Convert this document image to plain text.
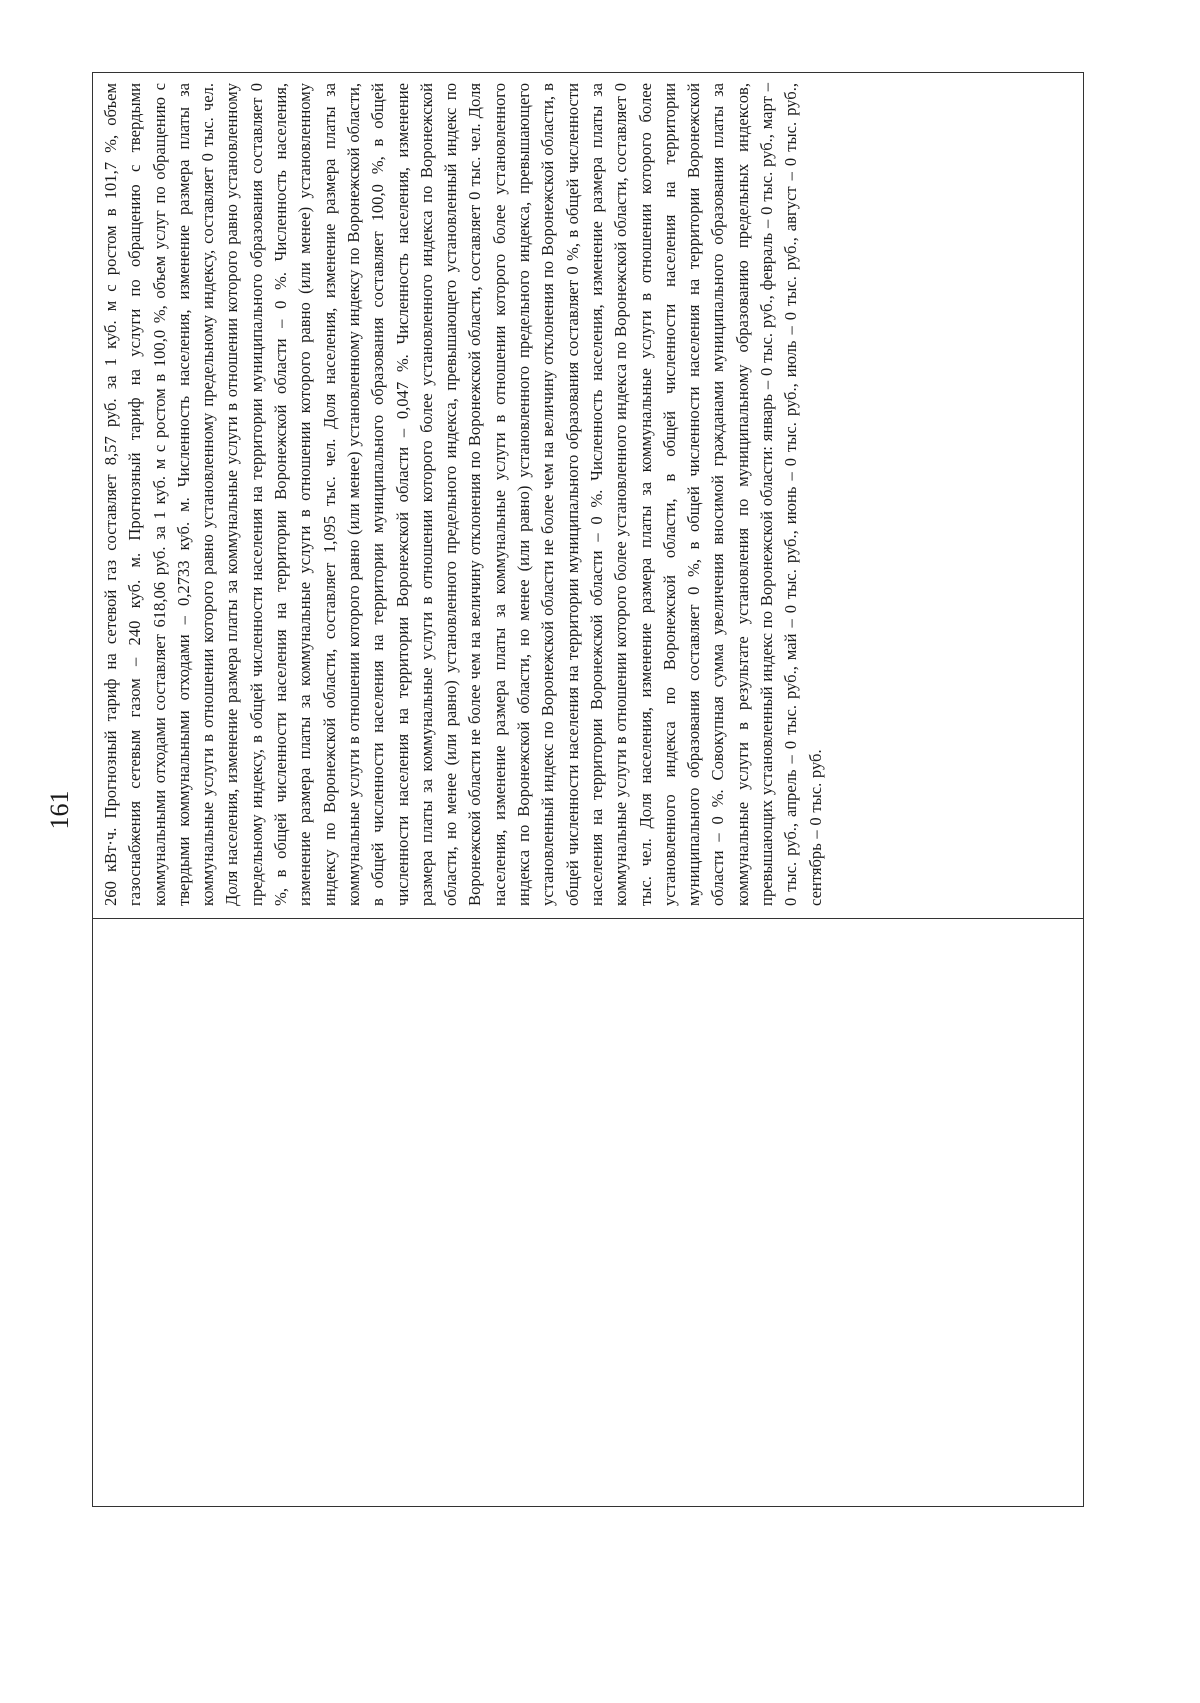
161	260 кВт·ч. Прогнозный тариф на сетевой газ составляет 8,57 руб. за 1 куб. м с ростом в 101,7 %, объем газоснабжения сетевым газом – 240 куб. м. Прогнозный тариф на услуги по обращению с твердыми коммунальными отходами составляет 618,06 руб. за 1 куб. м с ростом в 100,0 %, объем услуг по обращению с твердыми коммунальными отходами – 0,2733 куб. м. Численность населения, изменение размера платы за коммунальные услуги в отношении которого равно установленному предельному индексу, составляет 0 тыс. чел. Доля населения, изменение размера платы за коммунальные услуги в отношении которого равно установленному предельному индексу, в общей численности населения на территории муниципального образования составляет 0 %, в общей численности населения на территории Воронежской области – 0 %. Численность населения, изменение размера платы за коммунальные услуги в отношении которого равно (или менее) установленному индексу по Воронежской области, составляет 1,095 тыс. чел. Доля населения, изменение размера платы за коммунальные услуги в отношении которого равно (или менее) установленному индексу по Воронежской области, в общей численности населения на территории муниципального образования составляет 100,0 %, в общей численности населения на территории Воронежской области – 0,047 %. Численность населения, изменение размера платы за коммунальные услуги в отношении которого более установленного индекса по Воронежской области, но менее (или равно) установленного предельного индекса, превышающего установленный индекс по Воронежской области не более чем на величину отклонения по Воронежской области, составляет 0 тыс. чел. Доля населения, изменение размера платы за коммунальные услуги в отношении которого более установленного индекса по Воронежской области, но менее (или равно) установленного предельного индекса, превышающего установленный индекс по Воронежской области не более чем на величину отклонения по Воронежской области, в общей численности населения на территории муниципального образования составляет 0 %, в общей численности населения на территории Воронежской области – 0 %. Численность населения, изменение размера платы за коммунальные услуги в отношении которого более установленного индекса по Воронежской области, составляет 0 тыс. чел. Доля населения, изменение размера платы за коммунальные услуги в отношении которого более установленного индекса по Воронежской области, в общей численности населения на территории муниципального образования составляет 0 %, в общей численности населения на территории Воронежской области – 0 %. Совокупная сумма увеличения вносимой гражданами муниципального образования платы за коммунальные услуги в результате установления по муниципальному образованию предельных индексов, превышающих установленный индекс по Воронежской области: январь – 0 тыс. руб., февраль – 0 тыс. руб., март – 0 тыс. руб., апрель – 0 тыс. руб., май – 0 тыс. руб., июнь – 0 тыс. руб., июль – 0 тыс. руб., август – 0 тыс. руб., сентябрь – 0 тыс. руб.
